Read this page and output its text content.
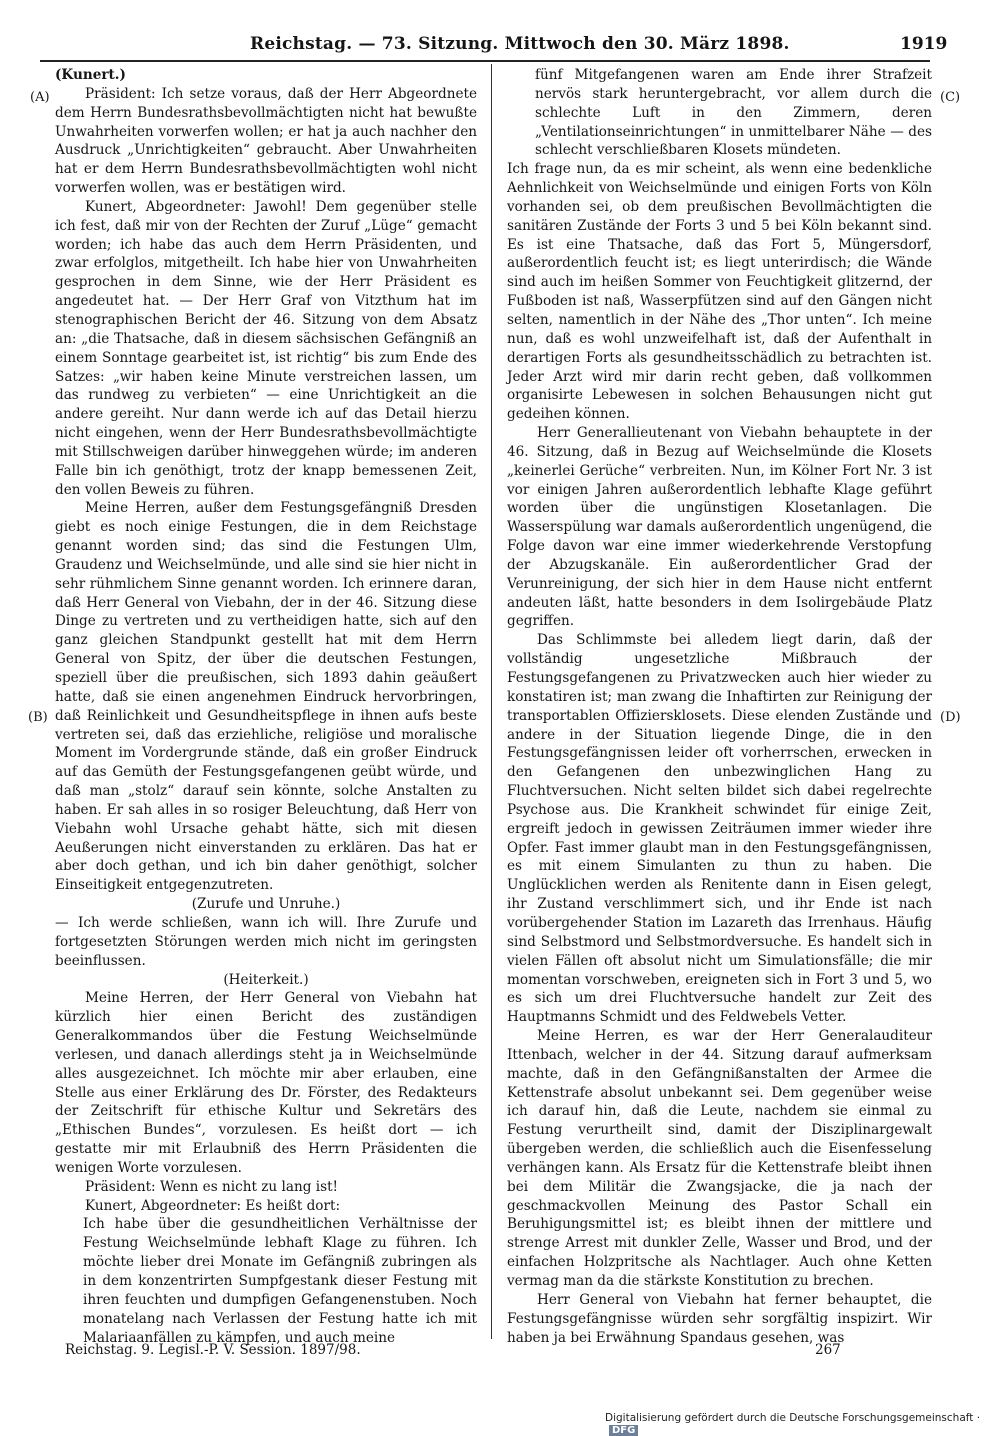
Reichstag. — 73. Sitzung. Mittwoch den 30. März 1898.	1919
(A)
(B)
(C)
(D)

(Kunert.)

Präsident: Ich setze voraus, daß der Herr Abgeordnete dem Herrn Bundesrathsbevollmächtigten nicht hat bewußte Unwahrheiten vorwerfen wollen; er hat ja auch nachher den Ausdruck „Unrichtigkeiten“ gebraucht. Aber Unwahrheiten hat er dem Herrn Bundesrathsbevollmächtigten wohl nicht vorwerfen wollen, was er bestätigen wird.

Kunert, Abgeordneter: Jawohl! Dem gegenüber stelle ich fest, daß mir von der Rechten der Zuruf „Lüge“ gemacht worden; ich habe das auch dem Herrn Präsidenten, und zwar erfolglos, mitgetheilt. Ich habe hier von Unwahrheiten gesprochen in dem Sinne, wie der Herr Präsident es angedeutet hat. — Der Herr Graf von Vitzthum hat im stenographischen Bericht der 46. Sitzung von dem Absatz an: „die Thatsache, daß in diesem sächsischen Gefängniß an einem Sonntage gearbeitet ist, ist richtig“ bis zum Ende des Satzes: „wir haben keine Minute verstreichen lassen, um das rundweg zu verbieten“ — eine Unrichtigkeit an die andere gereiht. Nur dann werde ich auf das Detail hierzu nicht eingehen, wenn der Herr Bundesrathsbevollmächtigte mit Stillschweigen darüber hinweggehen würde; im anderen Falle bin ich genöthigt, trotz der knapp bemessenen Zeit, den vollen Beweis zu führen.

Meine Herren, außer dem Festungsgefängniß Dresden giebt es noch einige Festungen, die in dem Reichstage genannt worden sind; das sind die Festungen Ulm, Graudenz und Weichselmünde, und alle sind sie hier nicht in sehr rühmlichem Sinne genannt worden. Ich erinnere daran, daß Herr General von Viebahn, der in der 46. Sitzung diese Dinge zu vertreten und zu vertheidigen hatte, sich auf den ganz gleichen Standpunkt gestellt hat mit dem Herrn General von Spitz, der über die deutschen Festungen, speziell über die preußischen, sich 1893 dahin geäußert hatte, daß sie einen angenehmen Eindruck hervorbringen, daß Reinlichkeit und Gesundheitspflege in ihnen aufs beste vertreten sei, daß das erziehliche, religiöse und moralische Moment im Vordergrunde stände, daß ein großer Eindruck auf das Gemüth der Festungsgefangenen geübt würde, und daß man „stolz“ darauf sein könnte, solche Anstalten zu haben. Er sah alles in so rosiger Beleuchtung, daß Herr von Viebahn wohl Ursache gehabt hätte, sich mit diesen Aeußerungen nicht einverstanden zu erklären. Das hat er aber doch gethan, und ich bin daher genöthigt, solcher Einseitigkeit entgegenzutreten.

(Zurufe und Unruhe.)

— Ich werde schließen, wann ich will. Ihre Zurufe und fortgesetzten Störungen werden mich nicht im geringsten beeinflussen.

(Heiterkeit.)

Meine Herren, der Herr General von Viebahn hat kürzlich hier einen Bericht des zuständigen Generalkommandos über die Festung Weichselmünde verlesen, und danach allerdings steht ja in Weichselmünde alles ausgezeichnet. Ich möchte mir aber erlauben, eine Stelle aus einer Erklärung des Dr. Förster, des Redakteurs der Zeitschrift für ethische Kultur und Sekretärs des „Ethischen Bundes“, vorzulesen. Es heißt dort — ich gestatte mir mit Erlaubniß des Herrn Präsidenten die wenigen Worte vorzulesen.

Präsident: Wenn es nicht zu lang ist!

Kunert, Abgeordneter: Es heißt dort:

Ich habe über die gesundheitlichen Verhältnisse der Festung Weichselmünde lebhaft Klage zu führen. Ich möchte lieber drei Monate im Gefängniß zubringen als in dem konzentrirten Sumpfgestank dieser Festung mit ihren feuchten und dumpfigen Gefangenenstuben. Noch monatelang nach Verlassen der Festung hatte ich mit Malariaanfällen zu kämpfen, und auch meine

fünf Mitgefangenen waren am Ende ihrer Strafzeit nervös stark heruntergebracht, vor allem durch die schlechte Luft in den Zimmern, deren „Ventilationseinrichtungen“ in unmittelbarer Nähe — des schlecht verschließbaren Klosets mündeten.

Ich frage nun, da es mir scheint, als wenn eine bedenkliche Aehnlichkeit von Weichselmünde und einigen Forts von Köln vorhanden sei, ob dem preußischen Bevollmächtigten die sanitären Zustände der Forts 3 und 5 bei Köln bekannt sind. Es ist eine Thatsache, daß das Fort 5, Müngersdorf, außerordentlich feucht ist; es liegt unterirdisch; die Wände sind auch im heißen Sommer von Feuchtigkeit glitzernd, der Fußboden ist naß, Wasserpfützen sind auf den Gängen nicht selten, namentlich in der Nähe des „Thor unten“. Ich meine nun, daß es wohl unzweifelhaft ist, daß der Aufenthalt in derartigen Forts als gesundheitsschädlich zu betrachten ist. Jeder Arzt wird mir darin recht geben, daß vollkommen organisirte Lebewesen in solchen Behausungen nicht gut gedeihen können.

Herr Generallieutenant von Viebahn behauptete in der 46. Sitzung, daß in Bezug auf Weichselmünde die Klosets „keinerlei Gerüche“ verbreiten. Nun, im Kölner Fort Nr. 3 ist vor einigen Jahren außerordentlich lebhafte Klage geführt worden über die ungünstigen Klosetanlagen. Die Wasserspülung war damals außerordentlich ungenügend, die Folge davon war eine immer wiederkehrende Verstopfung der Abzugskanäle. Ein außerordentlicher Grad der Verunreinigung, der sich hier in dem Hause nicht entfernt andeuten läßt, hatte besonders in dem Isolirgebäude Platz gegriffen.

Das Schlimmste bei alledem liegt darin, daß der vollständig ungesetzliche Mißbrauch der Festungsgefangenen zu Privatzwecken auch hier wieder zu konstatiren ist; man zwang die Inhaftirten zur Reinigung der transportablen Offiziersklosets. Diese elenden Zustände und andere in der Situation liegende Dinge, die in den Festungsgefängnissen leider oft vorherrschen, erwecken in den Gefangenen den unbezwinglichen Hang zu Fluchtversuchen. Nicht selten bildet sich dabei regelrechte Psychose aus. Die Krankheit schwindet für einige Zeit, ergreift jedoch in gewissen Zeiträumen immer wieder ihre Opfer. Fast immer glaubt man in den Festungsgefängnissen, es mit einem Simulanten zu thun zu haben. Die Unglücklichen werden als Renitente dann in Eisen gelegt, ihr Zustand verschlimmert sich, und ihr Ende ist nach vorübergehender Station im Lazareth das Irrenhaus. Häufig sind Selbstmord und Selbstmordversuche. Es handelt sich in vielen Fällen oft absolut nicht um Simulationsfälle; die mir momentan vorschweben, ereigneten sich in Fort 3 und 5, wo es sich um drei Fluchtversuche handelt zur Zeit des Hauptmanns Schmidt und des Feldwebels Vetter.

Meine Herren, es war der Herr Generalauditeur Ittenbach, welcher in der 44. Sitzung darauf aufmerksam machte, daß in den Gefängnißanstalten der Armee die Kettenstrafe absolut unbekannt sei. Dem gegenüber weise ich darauf hin, daß die Leute, nachdem sie einmal zu Festung verurtheilt sind, damit der Disziplinargewalt übergeben werden, die schließlich auch die Eisenfesselung verhängen kann. Als Ersatz für die Kettenstrafe bleibt ihnen bei dem Militär die Zwangsjacke, die ja nach der geschmackvollen Meinung des Pastor Schall ein Beruhigungsmittel ist; es bleibt ihnen der mittlere und strenge Arrest mit dunkler Zelle, Wasser und Brod, und der einfachen Holzpritsche als Nachtlager. Auch ohne Ketten vermag man da die stärkste Konstitution zu brechen.

Herr General von Viebahn hat ferner behauptet, die Festungsgefängnisse würden sehr sorgfältig inspizirt. Wir haben ja bei Erwähnung Spandaus gesehen, was

Reichstag. 9. Legisl.-P. V. Session. 1897/98.	267
Digitalisierung gefördert durch die Deutsche Forschungsgemeinschaft · DFG
